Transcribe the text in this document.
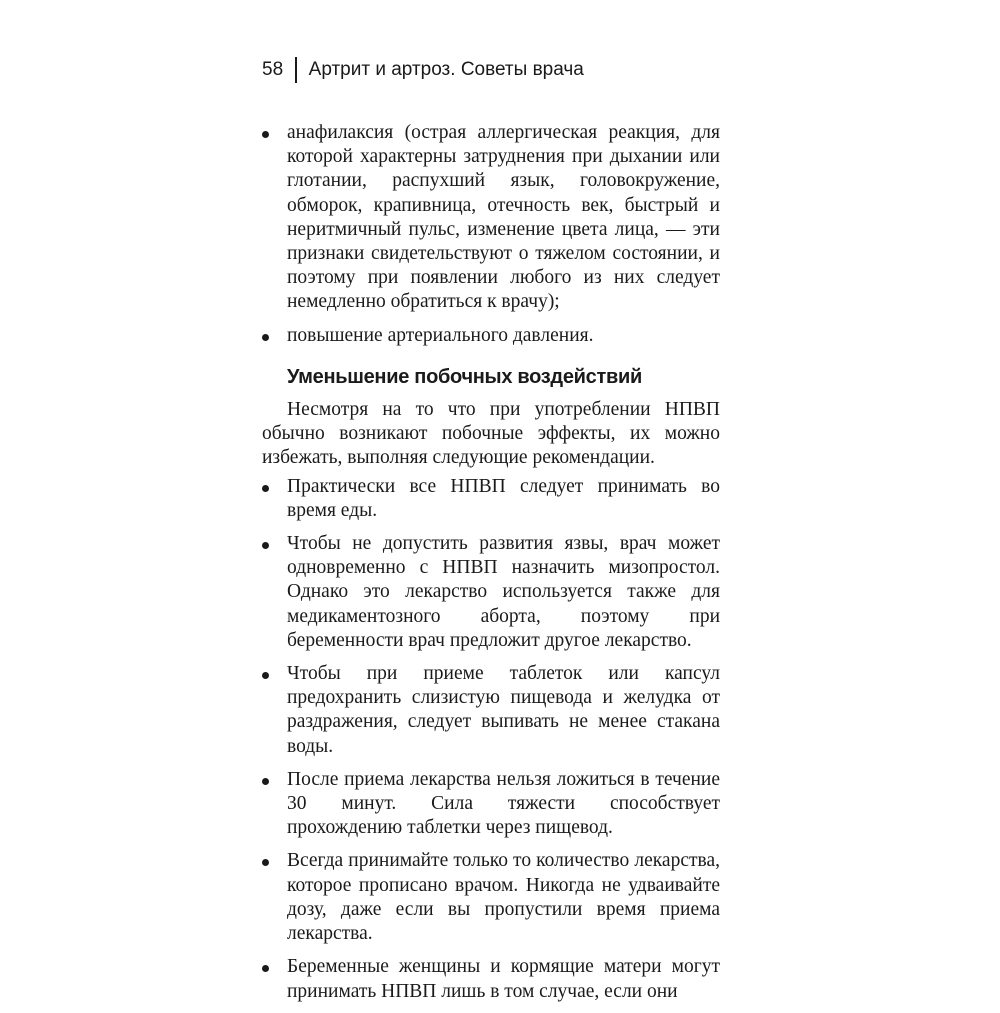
58	Артрит и артроз. Советы врача
анафилаксия (острая аллергическая реакция, для которой характерны затруднения при дыхании или глотании, распухший язык, головокружение, обморок, крапивница, отечность век, быстрый и неритмичный пульс, изменение цвета лица, — эти признаки свидетельствуют о тяжелом состоянии, и поэтому при появлении любого из них следует немедленно обратиться к врачу);
повышение артериального давления.
Уменьшение побочных воздействий

Несмотря на то что при употреблении НПВП обычно возникают побочные эффекты, их можно избежать, выполняя следующие рекомендации.

Практически все НПВП следует принимать во время еды.
Чтобы не допустить развития язвы, врач может одновременно с НПВП назначить мизопростол. Однако это лекарство используется также для медикаментозного аборта, поэтому при беременности врач предложит другое лекарство.
Чтобы при приеме таблеток или капсул предохранить слизистую пищевода и желудка от раздражения, следует выпивать не менее стакана воды.
После приема лекарства нельзя ложиться в течение 30 минут. Сила тяжести способствует прохождению таблетки через пищевод.
Всегда принимайте только то количество лекарства, которое прописано врачом. Никогда не удваивайте дозу, даже если вы пропустили время приема лекарства.
Беременные женщины и кормящие матери могут принимать НПВП лишь в том случае, если они
